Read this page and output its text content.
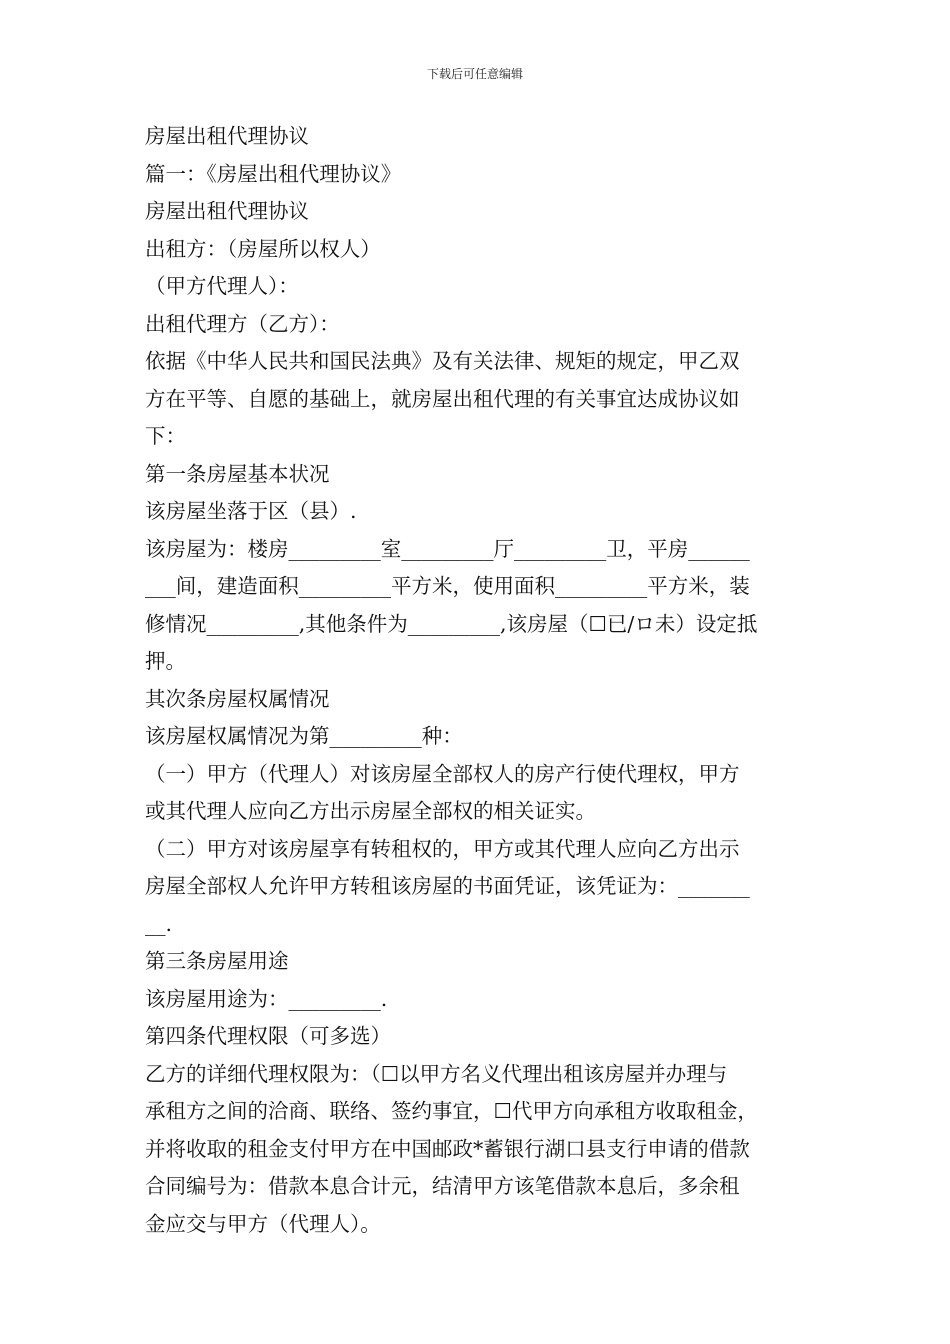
下载后可任意编辑
房屋出租代理协议
篇一：《房屋出租代理协议》
房屋出租代理协议
出租方：（房屋所以权人）
（甲方代理人）：
出租代理方（乙方）：
依据《中华人民共和国民法典》及有关法律、规矩的规定，甲乙双
方在平等、自愿的基础上，就房屋出租代理的有关事宜达成协议如
下：
第一条房屋基本状况
该房屋坐落于区（县）.
该房屋为：楼房_________室_________厅_________卫，平房______
___间，建造面积_________平方米，使用面积_________平方米，装
修情况_________,其他条件为_________,该房屋（☐已/ロ未）设定抵
押。
其次条房屋权属情况
该房屋权属情况为第_________种：
（一）甲方（代理人）对该房屋全部权人的房产行使代理权，甲方
或其代理人应向乙方出示房屋全部权的相关证实。
（二）甲方对该房屋享有转租权的，甲方或其代理人应向乙方出示
房屋全部权人允许甲方转租该房屋的书面凭证，该凭证为：_______
__.
第三条房屋用途
该房屋用途为：_________.
第四条代理权限（可多选）
乙方的详细代理权限为：（☐以甲方名义代理出租该房屋并办理与
承租方之间的洽商、联络、签约事宜，☐代甲方向承租方收取租金，
并将收取的租金支付甲方在中国邮政*蓄银行湖口县支行申请的借款
合同编号为：借款本息合计元，结清甲方该笔借款本息后，多余租
金应交与甲方（代理人）。
